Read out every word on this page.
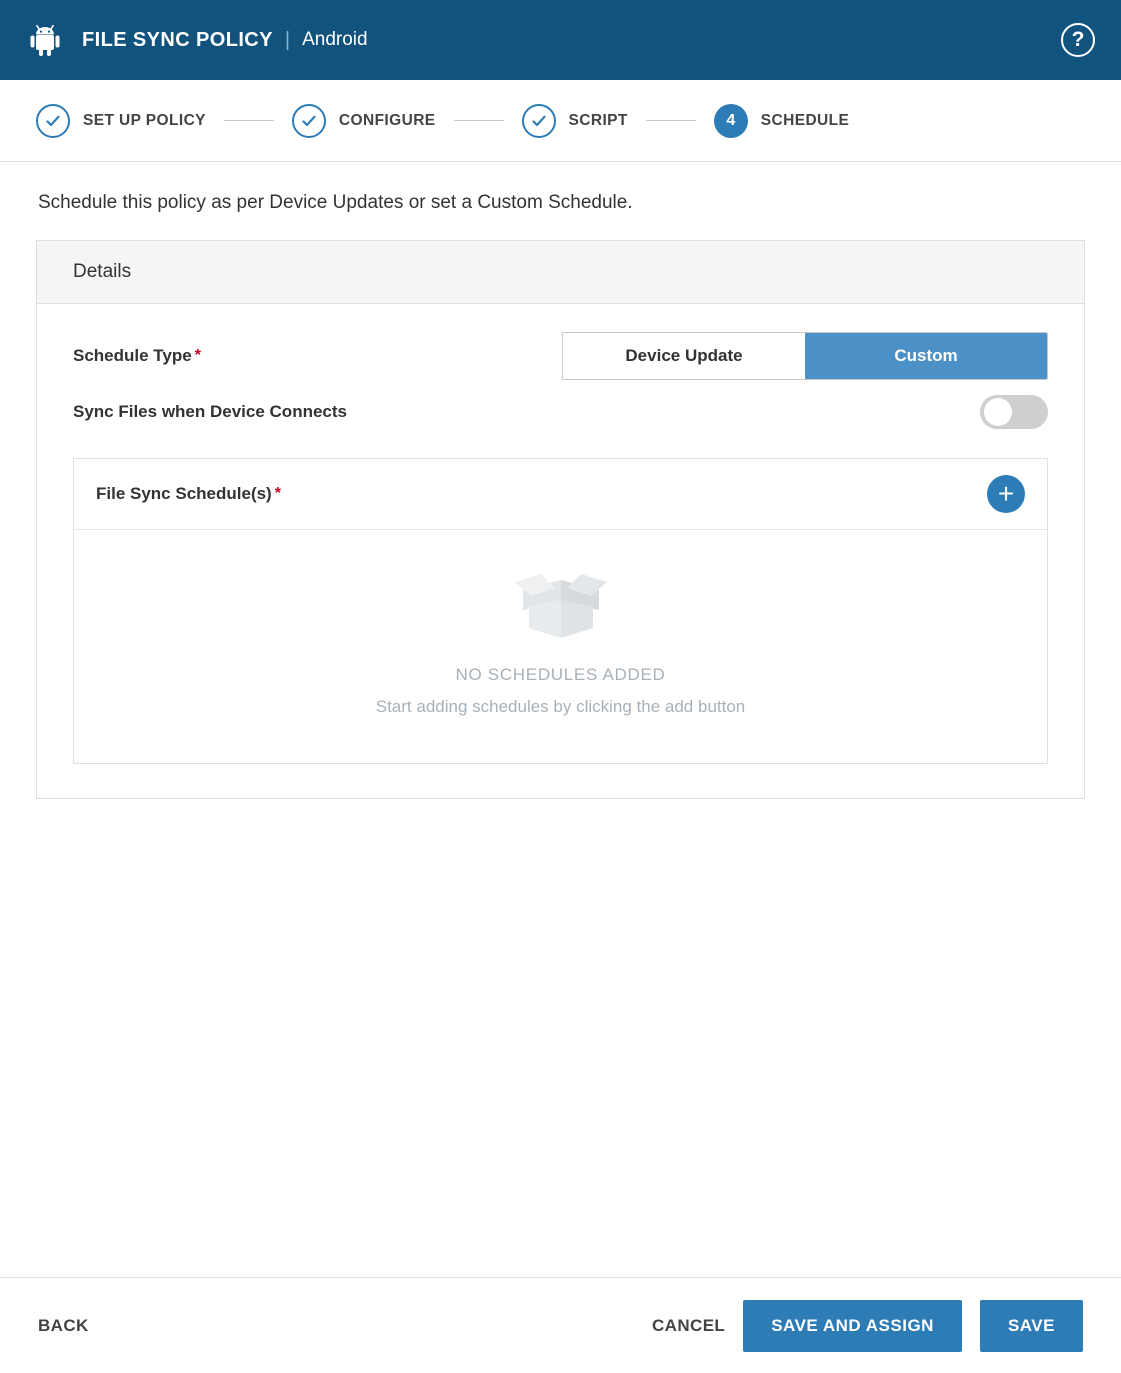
FILE SYNC POLICY | Android	?
SET UP POLICY	CONFIGURE	SCRIPT	4	SCHEDULE

Schedule this policy as per Device Updates or set a Custom Schedule.

Details
Schedule Type *	Device Update	Custom
Sync Files when Device Connects
File Sync Schedule(s) *	+
NO SCHEDULES ADDED
Start adding schedules by clicking the add button
BACK	CANCEL	SAVE AND ASSIGN	SAVE
